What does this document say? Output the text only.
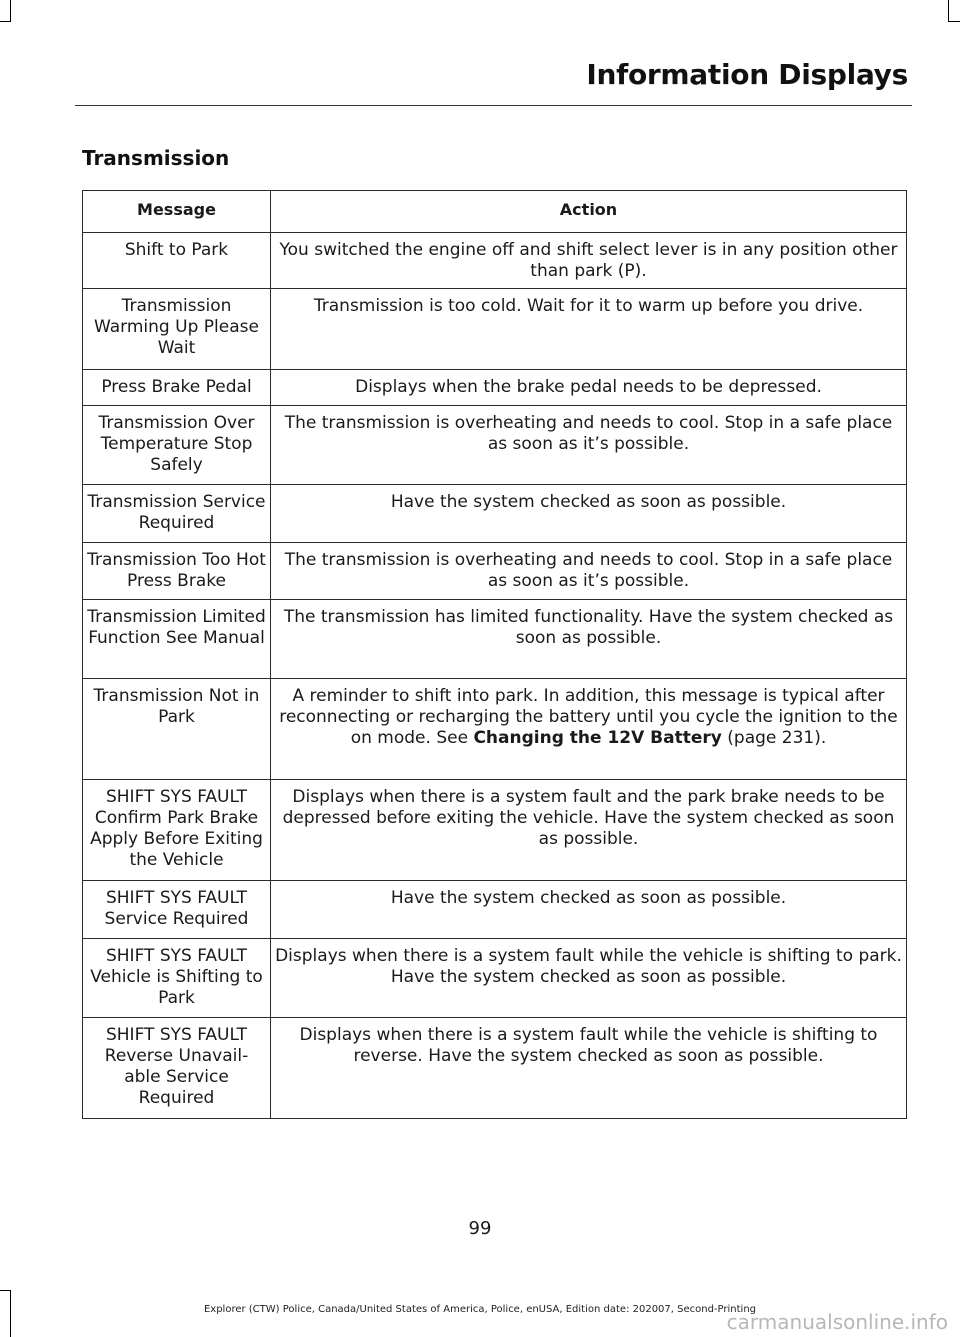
Information Displays
Transmission
Message	Action
Shift to Park	You switched the engine off and shift select lever is in any position other than park (P).
Transmission Warming Up Please Wait	Transmission is too cold. Wait for it to warm up before you drive.
Press Brake Pedal	Displays when the brake pedal needs to be depressed.
Transmission Over Temperature Stop Safely	The transmission is overheating and needs to cool. Stop in a safe place as soon as it’s possible.
Transmission Service Required	Have the system checked as soon as possible.
Transmission Too Hot Press Brake	The transmission is overheating and needs to cool. Stop in a safe place as soon as it’s possible.
Transmission Limited Function See Manual	The transmission has limited functionality. Have the system checked as soon as possible.
Transmission Not in Park	A reminder to shift into park. In addition, this message is typical after reconnecting or recharging the battery until you cycle the ignition to the on mode. See Changing the 12V Battery (page 231).
SHIFT SYS FAULT Confirm Park Brake Apply Before Exiting the Vehicle	Displays when there is a system fault and the park brake needs to be depressed before exiting the vehicle. Have the system checked as soon as possible.
SHIFT SYS FAULT Service Required	Have the system checked as soon as possible.
SHIFT SYS FAULT Vehicle is Shifting to Park	Displays when there is a system fault while the vehicle is shifting to park. Have the system checked as soon as possible.
SHIFT SYS FAULT Reverse Unavail-able Service Required	Displays when there is a system fault while the vehicle is shifting to reverse. Have the system checked as soon as possible.
99
Explorer (CTW) Police, Canada/United States of America, Police, enUSA, Edition date: 202007, Second-Printing
carmanualsonline.info
